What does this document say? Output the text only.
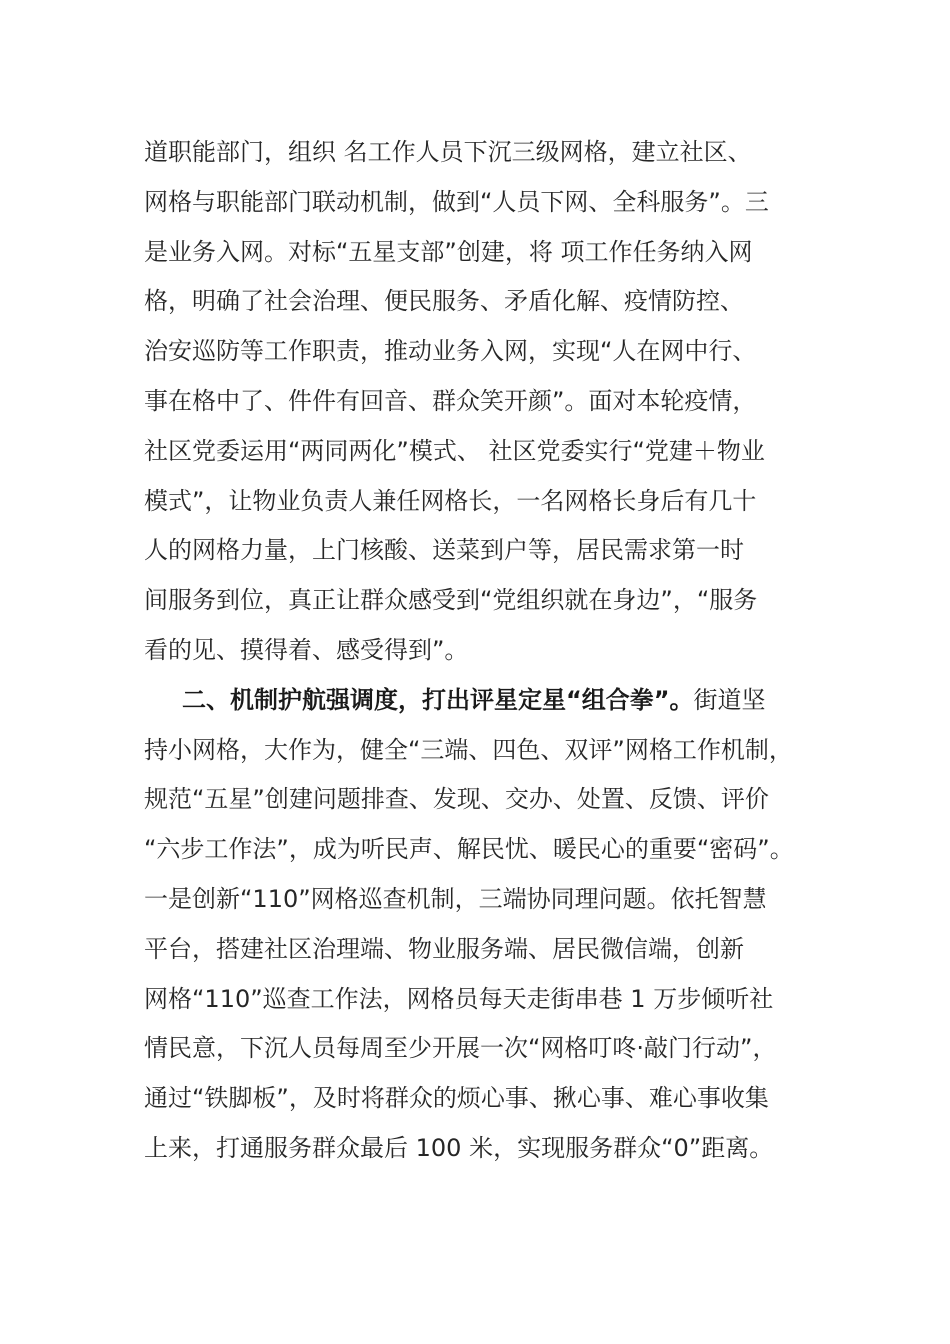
道职能部门，组织 名工作人员下沉三级网格，建立社区、
网格与职能部门联动机制，做到“人员下网、全科服务”。三
是业务入网。对标“五星支部”创建，将 项工作任务纳入网
格，明确了社会治理、便民服务、矛盾化解、疫情防控、
治安巡防等工作职责，推动业务入网，实现“人在网中行、
事在格中了、件件有回音、群众笑开颜”。面对本轮疫情，
社区党委运用“两同两化”模式、 社区党委实行“党建＋物业
模式”，让物业负责人兼任网格长，一名网格长身后有几十
人的网格力量，上门核酸、送菜到户等，居民需求第一时
间服务到位，真正让群众感受到“党组织就在身边”，“服务
看的见、摸得着、感受得到”。
二、机制护航强调度，打出评星定星“组合拳”。街道坚
持小网格，大作为，健全“三端、四色、双评”网格工作机制，
规范“五星”创建问题排查、发现、交办、处置、反馈、评价
“六步工作法”，成为听民声、解民忧、暖民心的重要“密码”。
一是创新“110”网格巡查机制，三端协同理问题。依托智慧
平台，搭建社区治理端、物业服务端、居民微信端，创新
网格“110”巡查工作法，网格员每天走街串巷 1 万步倾听社
情民意，下沉人员每周至少开展一次“网格叮咚·敲门行动”，
通过“铁脚板”，及时将群众的烦心事、揪心事、难心事收集
上来，打通服务群众最后 100 米，实现服务群众“0”距离。
